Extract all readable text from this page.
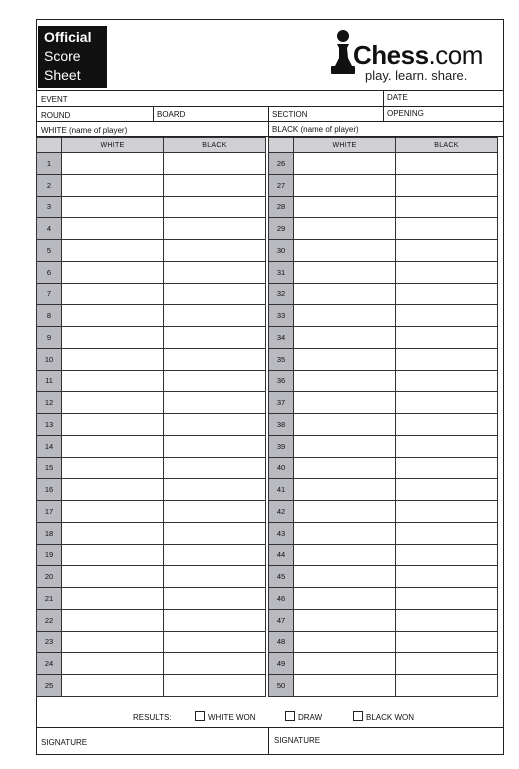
Official
Score
Sheet
Chess.com
play. learn. share.
EVENT	DATE
ROUND	BOARD	SECTION	OPENING
WHITE (name of player)	BLACK (name of player)
	WHITE	BLACK
1		
2		
3		
4		
5		
6		
7		
8		
9		
10		
11		
12		
13		
14		
15		
16		
17		
18		
19		
20		
21		
22		
23		
24		
25		
	WHITE	BLACK
26		
27		
28		
29		
30		
31		
32		
33		
34		
35		
36		
37		
38		
39		
40		
41		
42		
43		
44		
45		
46		
47		
48		
49		
50		
RESULTS:	WHITE WON	DRAW	BLACK WON
SIGNATURE	SIGNATURE
